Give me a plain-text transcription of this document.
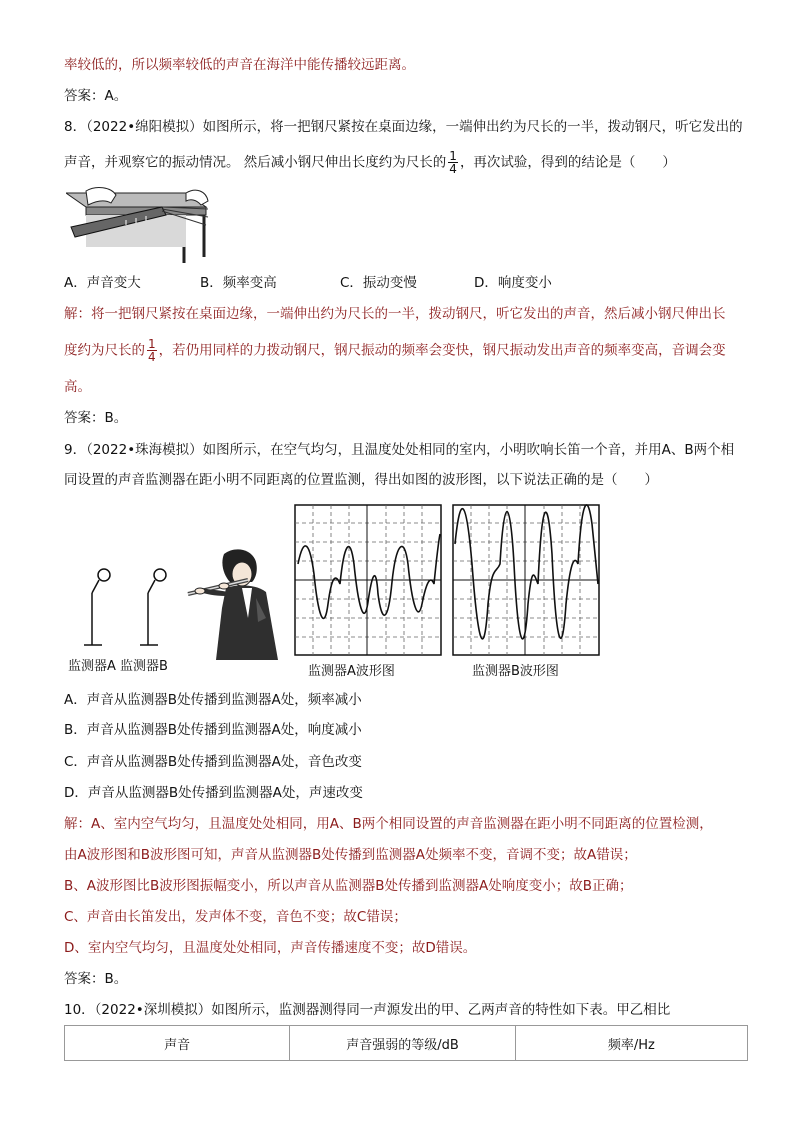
率较低的，所以频率较低的声音在海洋中能传播较远距离。
答案：A。
8．（2022•绵阳模拟）如图所示，将一把钢尺紧按在桌面边缘，一端伸出约为尺长的一半，拨动钢尺，听它发出的
声音，并观察它的振动情况。 然后减小钢尺伸出长度约为尺长的 $\frac{1}{4}$ ，再次试验，得到的结论是（　　）
A．声音变大	B．频率变高	C．振动变慢	D．响度变小
解：将一把钢尺紧按在桌面边缘，一端伸出约为尺长的一半，拨动钢尺，听它发出的声音，然后减小钢尺伸出长
度约为尺长的 $\frac{1}{4}$ ，若仍用同样的力拨动钢尺，钢尺振动的频率会变快，钢尺振动发出声音的频率变高，音调会变
高。
答案：B。
9．（2022•珠海模拟）如图所示，在空气均匀，且温度处处相同的室内，小明吹响长笛一个音，并用A、B两个相
同设置的声音监测器在距小明不同距离的位置监测，得出如图的波形图，以下说法正确的是（　　）
监测器A 监测器B	监测器A波形图	监测器B波形图
A．声音从监测器B处传播到监测器A处，频率减小
B．声音从监测器B处传播到监测器A处，响度减小
C．声音从监测器B处传播到监测器A处，音色改变
D．声音从监测器B处传播到监测器A处，声速改变
解：A、室内空气均匀，且温度处处相同，用A、B两个相同设置的声音监测器在距小明不同距离的位置检测，
由A波形图和B波形图可知，声音从监测器B处传播到监测器A处频率不变，音调不变；故A错误；
B、A波形图比B波形图振幅变小，所以声音从监测器B处传播到监测器A处响度变小；故B正确；
C、声音由长笛发出，发声体不变，音色不变；故C错误；
D、室内空气均匀，且温度处处相同，声音传播速度不变；故D错误。
答案：B。
10．（2022•深圳模拟）如图所示，监测器测得同一声源发出的甲、乙两声音的特性如下表。甲乙相比
声音	声音强弱的等级/dB	频率/Hz
